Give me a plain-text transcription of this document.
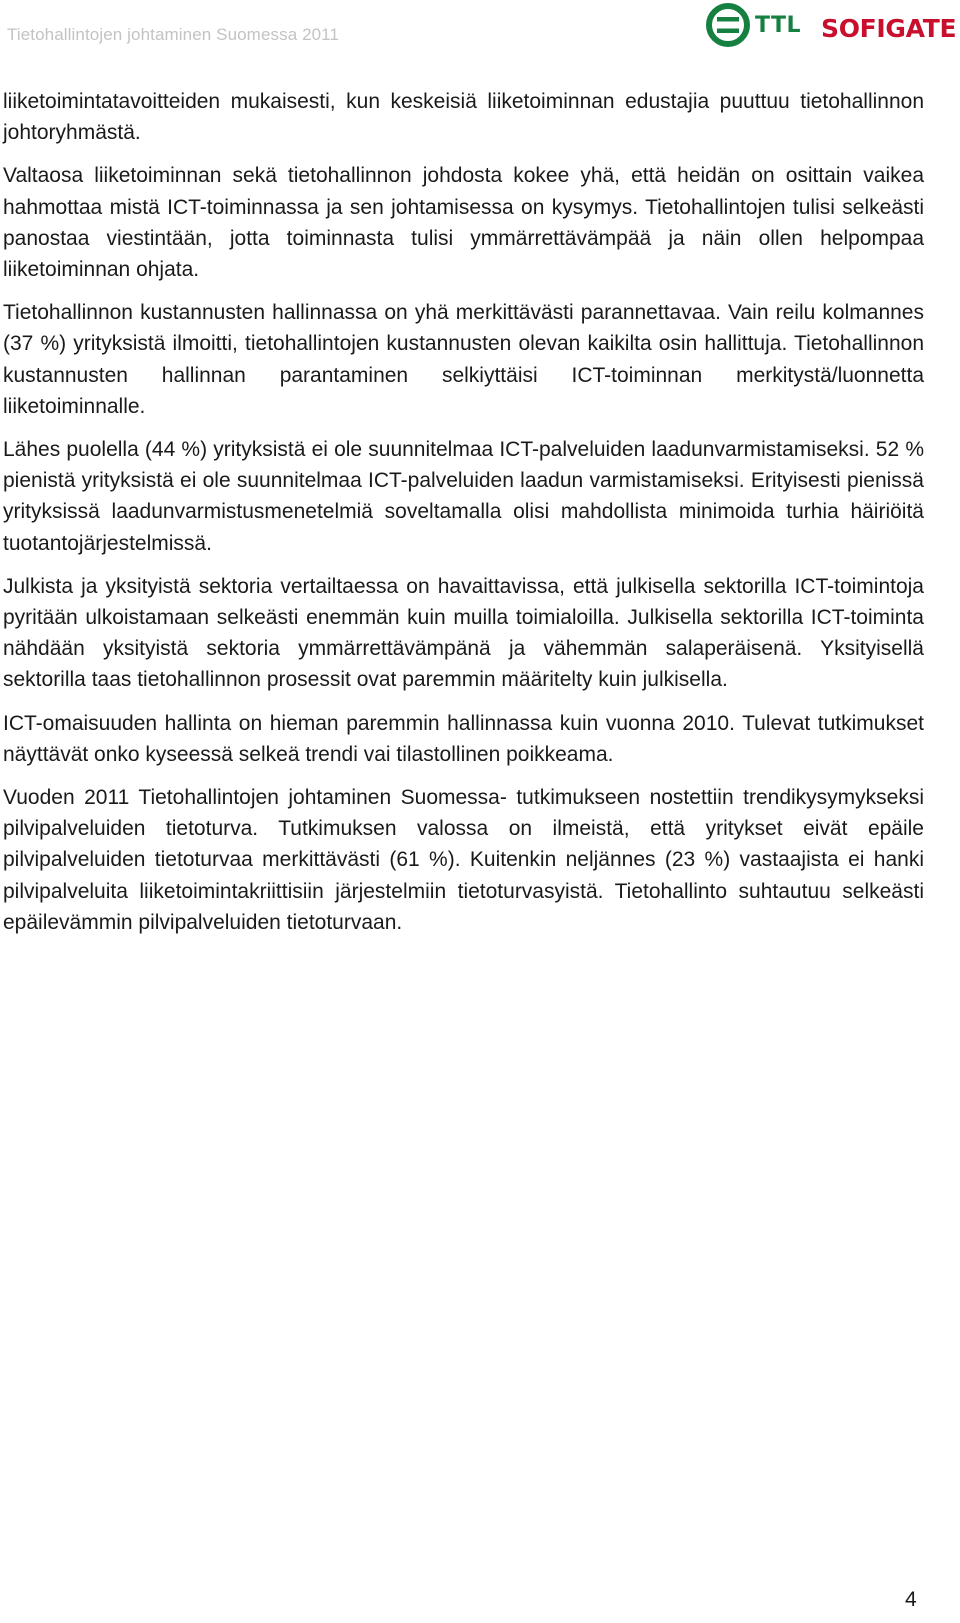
Tietohallintojen johtaminen Suomessa 2011	TTL SOFIGATE

liiketoimintatavoitteiden mukaisesti, kun keskeisiä liiketoiminnan edustajia puuttuu tietohallinnon johtoryhmästä.

Valtaosa liiketoiminnan sekä tietohallinnon johdosta kokee yhä, että heidän on osittain vaikea hahmottaa mistä ICT-toiminnassa ja sen johtamisessa on kysymys. Tietohallintojen tulisi selkeästi panostaa viestintään, jotta toiminnasta tulisi ymmärrettävämpää ja näin ollen helpompaa liiketoiminnan ohjata.

Tietohallinnon kustannusten hallinnassa on yhä merkittävästi parannettavaa. Vain reilu kolmannes (37 %) yrityksistä ilmoitti, tietohallintojen kustannusten olevan kaikilta osin hallittuja. Tietohallinnon kustannusten hallinnan parantaminen selkiyttäisi ICT-toiminnan merkitystä/luonnetta liiketoiminnalle.

Lähes puolella (44 %) yrityksistä ei ole suunnitelmaa ICT-palveluiden laadunvarmistamiseksi. 52 % pienistä yrityksistä ei ole suunnitelmaa ICT-palveluiden laadun varmistamiseksi. Erityisesti pienissä yrityksissä laadunvarmistusmenetelmiä soveltamalla olisi mahdollista minimoida turhia häiriöitä tuotantojärjestelmissä.

Julkista ja yksityistä sektoria vertailtaessa on havaittavissa, että julkisella sektorilla ICT-toimintoja pyritään ulkoistamaan selkeästi enemmän kuin muilla toimialoilla. Julkisella sektorilla ICT-toiminta nähdään yksityistä sektoria ymmärrettävämpänä ja vähemmän salaperäisenä. Yksityisellä sektorilla taas tietohallinnon prosessit ovat paremmin määritelty kuin julkisella.

ICT-omaisuuden hallinta on hieman paremmin hallinnassa kuin vuonna 2010. Tulevat tutkimukset näyttävät onko kyseessä selkeä trendi vai tilastollinen poikkeama.

Vuoden 2011 Tietohallintojen johtaminen Suomessa- tutkimukseen nostettiin trendikysymykseksi pilvipalveluiden tietoturva. Tutkimuksen valossa on ilmeistä, että yritykset eivät epäile pilvipalveluiden tietoturvaa merkittävästi (61 %). Kuitenkin neljännes (23 %) vastaajista ei hanki pilvipalveluita liiketoimintakriittisiin järjestelmiin tietoturvasyistä. Tietohallinto suhtautuu selkeästi epäilevämmin pilvipalveluiden tietoturvaan.

4
